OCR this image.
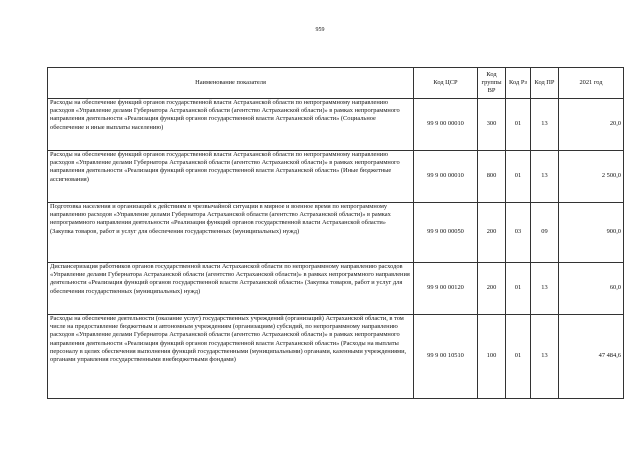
959
Наименование показателя	Код ЦСР	Код группы ВР	Код Рз	Код ПР	2021 год
Расходы на обеспечение функций органов государственной власти Астраханской области по непрограммному направлению расходов «Управление делами Губернатора Астраханской области (агентство Астраханской области)» в рамках непрограммного направления деятельности «Реализация функций органов государственной власти Астраханской области» (Социальное обеспечение и иные выплаты населению)	99 9 00 00010	300	01	13	20,0
Расходы на обеспечение функций органов государственной власти Астраханской области по непрограммному направлению расходов «Управление делами Губернатора Астраханской области (агентство Астраханской области)» в рамках непрограммного направления деятельности «Реализация функций органов государственной власти Астраханской области» (Иные бюджетные ассигнования)	99 9 00 00010	800	01	13	2 500,0
Подготовка населения и организаций к действиям в чрезвычайной ситуации в мирное и военное время по непрограммному направлению расходов «Управление делами Губернатора Астраханской области (агентство Астраханской области)» в рамках непрограммного направления деятельности «Реализация функций органов государственной власти Астраханской области» (Закупка товаров, работ и услуг для обеспечения государственных (муниципальных) нужд)	99 9 00 00050	200	03	09	900,0
Диспансеризация работников органов государственной власти Астраханской области по непрограммному направлению расходов «Управление делами Губернатора Астраханской области (агентство Астраханской области)» в рамках непрограммного направления деятельности «Реализация функций органов государственной власти Астраханской области» (Закупка товаров, работ и услуг для обеспечения государственных (муниципальных) нужд)	99 9 00 00120	200	01	13	60,0
Расходы на обеспечение деятельности (оказание услуг) государственных учреждений (организаций) Астраханской области, в том числе на предоставление бюджетным и автономным учреждениям (организациям) субсидий, по непрограммному направлению расходов «Управление делами Губернатора Астраханской области (агентство Астраханской области)» в рамках непрограммного направления деятельности «Реализация функций органов государственной власти Астраханской области» (Расходы на выплаты персоналу в целях обеспечения выполнения функций государственными (муниципальными) органами, казенными учреждениями, органами управления государственными внебюджетными фондами)	99 9 00 10510	100	01	13	47 484,6
